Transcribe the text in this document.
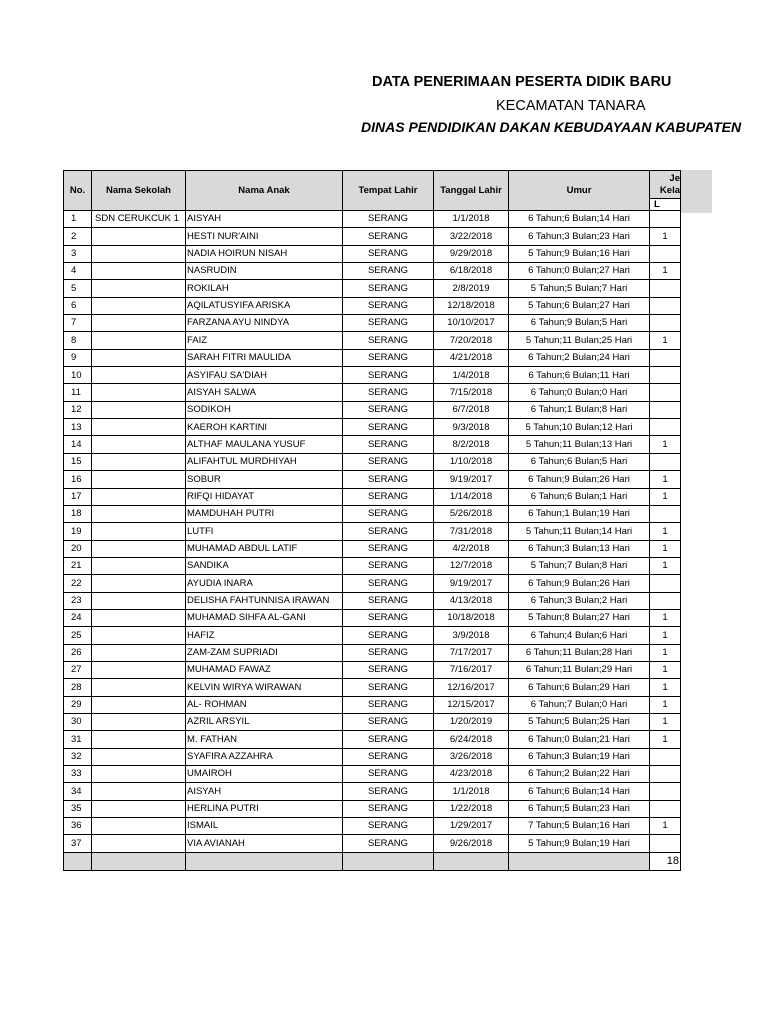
DATA PENERIMAAN PESERTA DIDIK BARU
KECAMATAN TANARA
DINAS PENDIDIKAN DAKAN KEBUDAYAAN KABUPATEN
No.	Nama Sekolah	Nama Anak	Tempat Lahir	Tanggal Lahir	Umur	Je
Kela

						L
1	SDN CERUKCUK 1	AISYAH	SERANG	1/1/2018	6 Tahun;6 Bulan;14 Hari	
2		HESTI NUR'AINI	SERANG	3/22/2018	6 Tahun;3 Bulan;23 Hari	1
3		NADIA HOIRUN NISAH	SERANG	9/29/2018	5 Tahun;9 Bulan;16 Hari	
4		NASRUDIN	SERANG	6/18/2018	6 Tahun;0 Bulan;27 Hari	1
5		ROKILAH	SERANG	2/8/2019	5 Tahun;5 Bulan;7 Hari	
6		AQILATUSYIFA ARISKA	SERANG	12/18/2018	5 Tahun;6 Bulan;27 Hari	
7		FARZANA AYU NINDYA	SERANG	10/10/2017	6 Tahun;9 Bulan;5 Hari	
8		FAIZ	SERANG	7/20/2018	5 Tahun;11 Bulan;25 Hari	1
9		SARAH FITRI MAULIDA	SERANG	4/21/2018	6 Tahun;2 Bulan;24 Hari	
10		ASYIFAU SA'DIAH	SERANG	1/4/2018	6 Tahun;6 Bulan;11 Hari	
11		AISYAH SALWA	SERANG	7/15/2018	6 Tahun;0 Bulan;0 Hari	
12		SODIKOH	SERANG	6/7/2018	6 Tahun;1 Bulan;8 Hari	
13		KAEROH KARTINI	SERANG	9/3/2018	5 Tahun;10 Bulan;12 Hari	
14		ALTHAF MAULANA YUSUF	SERANG	8/2/2018	5 Tahun;11 Bulan;13 Hari	1
15		ALIFAHTUL MURDHIYAH	SERANG	1/10/2018	6 Tahun;6 Bulan;5 Hari	
16		SOBUR	SERANG	9/19/2017	6 Tahun;9 Bulan;26 Hari	1
17		RIFQI HIDAYAT	SERANG	1/14/2018	6 Tahun;6 Bulan;1 Hari	1
18		MAMDUHAH PUTRI	SERANG	5/26/2018	6 Tahun;1 Bulan;19 Hari	
19		LUTFI	SERANG	7/31/2018	5 Tahun;11 Bulan;14 Hari	1
20		MUHAMAD ABDUL LATIF	SERANG	4/2/2018	6 Tahun;3 Bulan;13 Hari	1
21		SANDIKA	SERANG	12/7/2018	5 Tahun;7 Bulan;8 Hari	1
22		AYUDIA INARA	SERANG	9/19/2017	6 Tahun;9 Bulan;26 Hari	
23		DELISHA FAHTUNNISA IRAWAN	SERANG	4/13/2018	6 Tahun;3 Bulan;2 Hari	
24		MUHAMAD SIHFA AL-GANI	SERANG	10/18/2018	5 Tahun;8 Bulan;27 Hari	1
25		HAFIZ	SERANG	3/9/2018	6 Tahun;4 Bulan;6 Hari	1
26		ZAM-ZAM SUPRIADI	SERANG	7/17/2017	6 Tahun;11 Bulan;28 Hari	1
27		MUHAMAD FAWAZ	SERANG	7/16/2017	6 Tahun;11 Bulan;29 Hari	1
28		KELVIN WIRYA WIRAWAN	SERANG	12/16/2017	6 Tahun;6 Bulan;29 Hari	1
29		AL- ROHMAN	SERANG	12/15/2017	6 Tahun;7 Bulan;0 Hari	1
30		AZRIL ARSYIL	SERANG	1/20/2019	5 Tahun;5 Bulan;25 Hari	1
31		M. FATHAN	SERANG	6/24/2018	6 Tahun;0 Bulan;21 Hari	1
32		SYAFIRA AZZAHRA	SERANG	3/26/2018	6 Tahun;3 Bulan;19 Hari	
33		UMAIROH	SERANG	4/23/2018	6 Tahun;2 Bulan;22 Hari	
34		AISYAH	SERANG	1/1/2018	6 Tahun;6 Bulan;14 Hari	
35		HERLINA PUTRI	SERANG	1/22/2018	6 Tahun;5 Bulan;23 Hari	
36		ISMAIL	SERANG	1/29/2017	7 Tahun;5 Bulan;16 Hari	1
37		VIA AVIANAH	SERANG	9/26/2018	5 Tahun;9 Bulan;19 Hari	
						18
